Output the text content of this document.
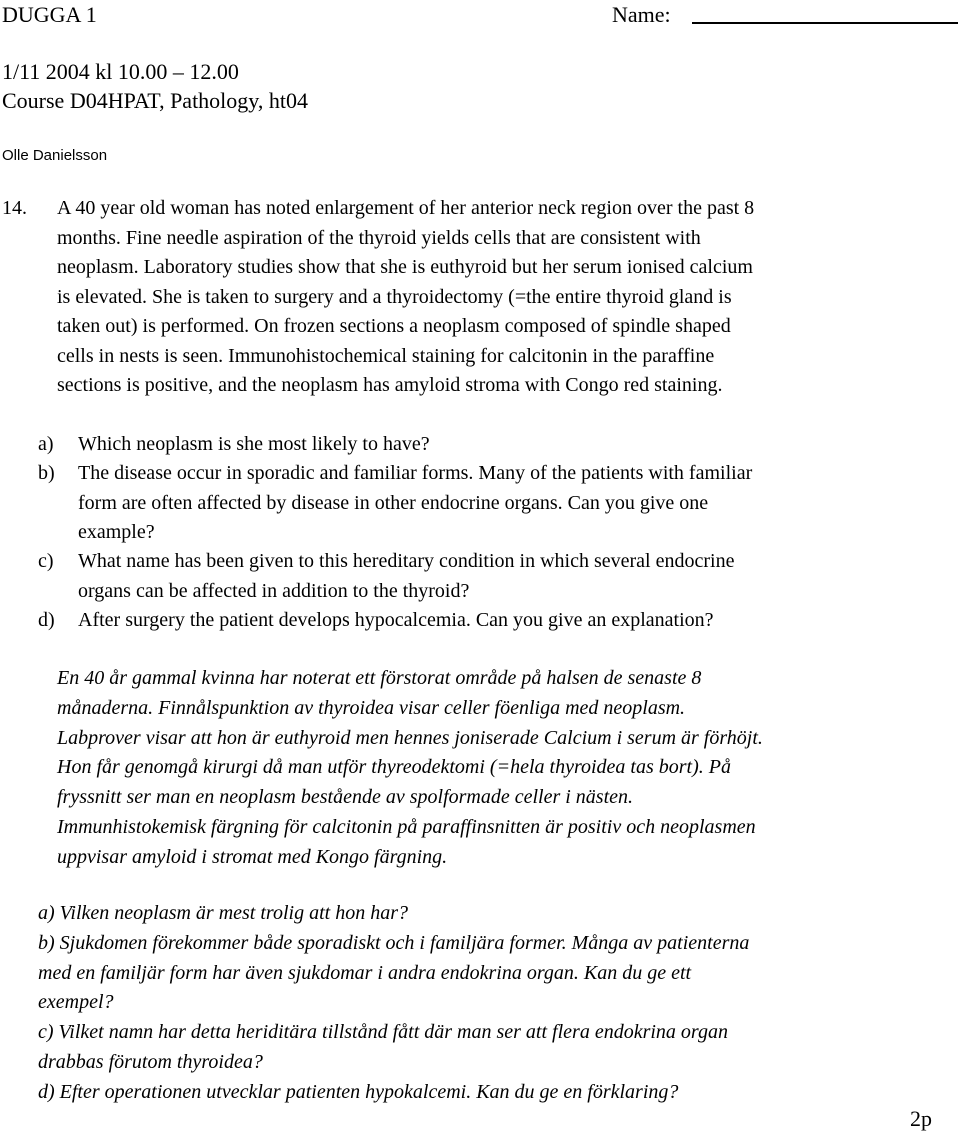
DUGGA 1	Name:
1/11 2004 kl 10.00 – 12.00
Course D04HPAT, Pathology, ht04
Olle Danielsson
14. A 40 year old woman has noted enlargement of her anterior neck region over the past 8
months. Fine needle aspiration of the thyroid yields cells that are consistent with
neoplasm. Laboratory studies show that she is euthyroid but her serum ionised calcium
is elevated. She is taken to surgery and a thyroidectomy (=the entire thyroid gland is
taken out) is performed. On frozen sections a neoplasm composed of spindle shaped
cells in nests is seen. Immunohistochemical staining for calcitonin in the paraffine
sections is positive, and the neoplasm has amyloid stroma with Congo red staining.
a) Which neoplasm is she most likely to have?
b) The disease occur in sporadic and familiar forms. Many of the patients with familiar
form are often affected by disease in other endocrine organs. Can you give one
example?
c) What name has been given to this hereditary condition in which several endocrine
organs can be affected in addition to the thyroid?
d) After surgery the patient develops hypocalcemia. Can you give an explanation?
En 40 år gammal kvinna har noterat ett förstorat område på halsen de senaste 8
månaderna. Finnålspunktion av thyroidea visar celler föenliga med neoplasm.
Labprover visar att hon är euthyroid men hennes joniserade Calcium i serum är förhöjt.
Hon får genomgå kirurgi då man utför thyreodektomi (=hela thyroidea tas bort). På
fryssnitt ser man en neoplasm bestående av spolformade celler i nästen.
Immunhistokemisk färgning för calcitonin på paraffinsnitten är positiv och neoplasmen
uppvisar amyloid i stromat med Kongo färgning.
a) Vilken neoplasm är mest trolig att hon har?
b) Sjukdomen förekommer både sporadiskt och i familjära former. Många av patienterna
med en familjär form har även sjukdomar i andra endokrina organ. Kan du ge ett
exempel?
c) Vilket namn har detta heriditära tillstånd fått där man ser att flera endokrina organ
drabbas förutom thyroidea?
d) Efter operationen utvecklar patienten hypokalcemi. Kan du ge en förklaring?
2p
